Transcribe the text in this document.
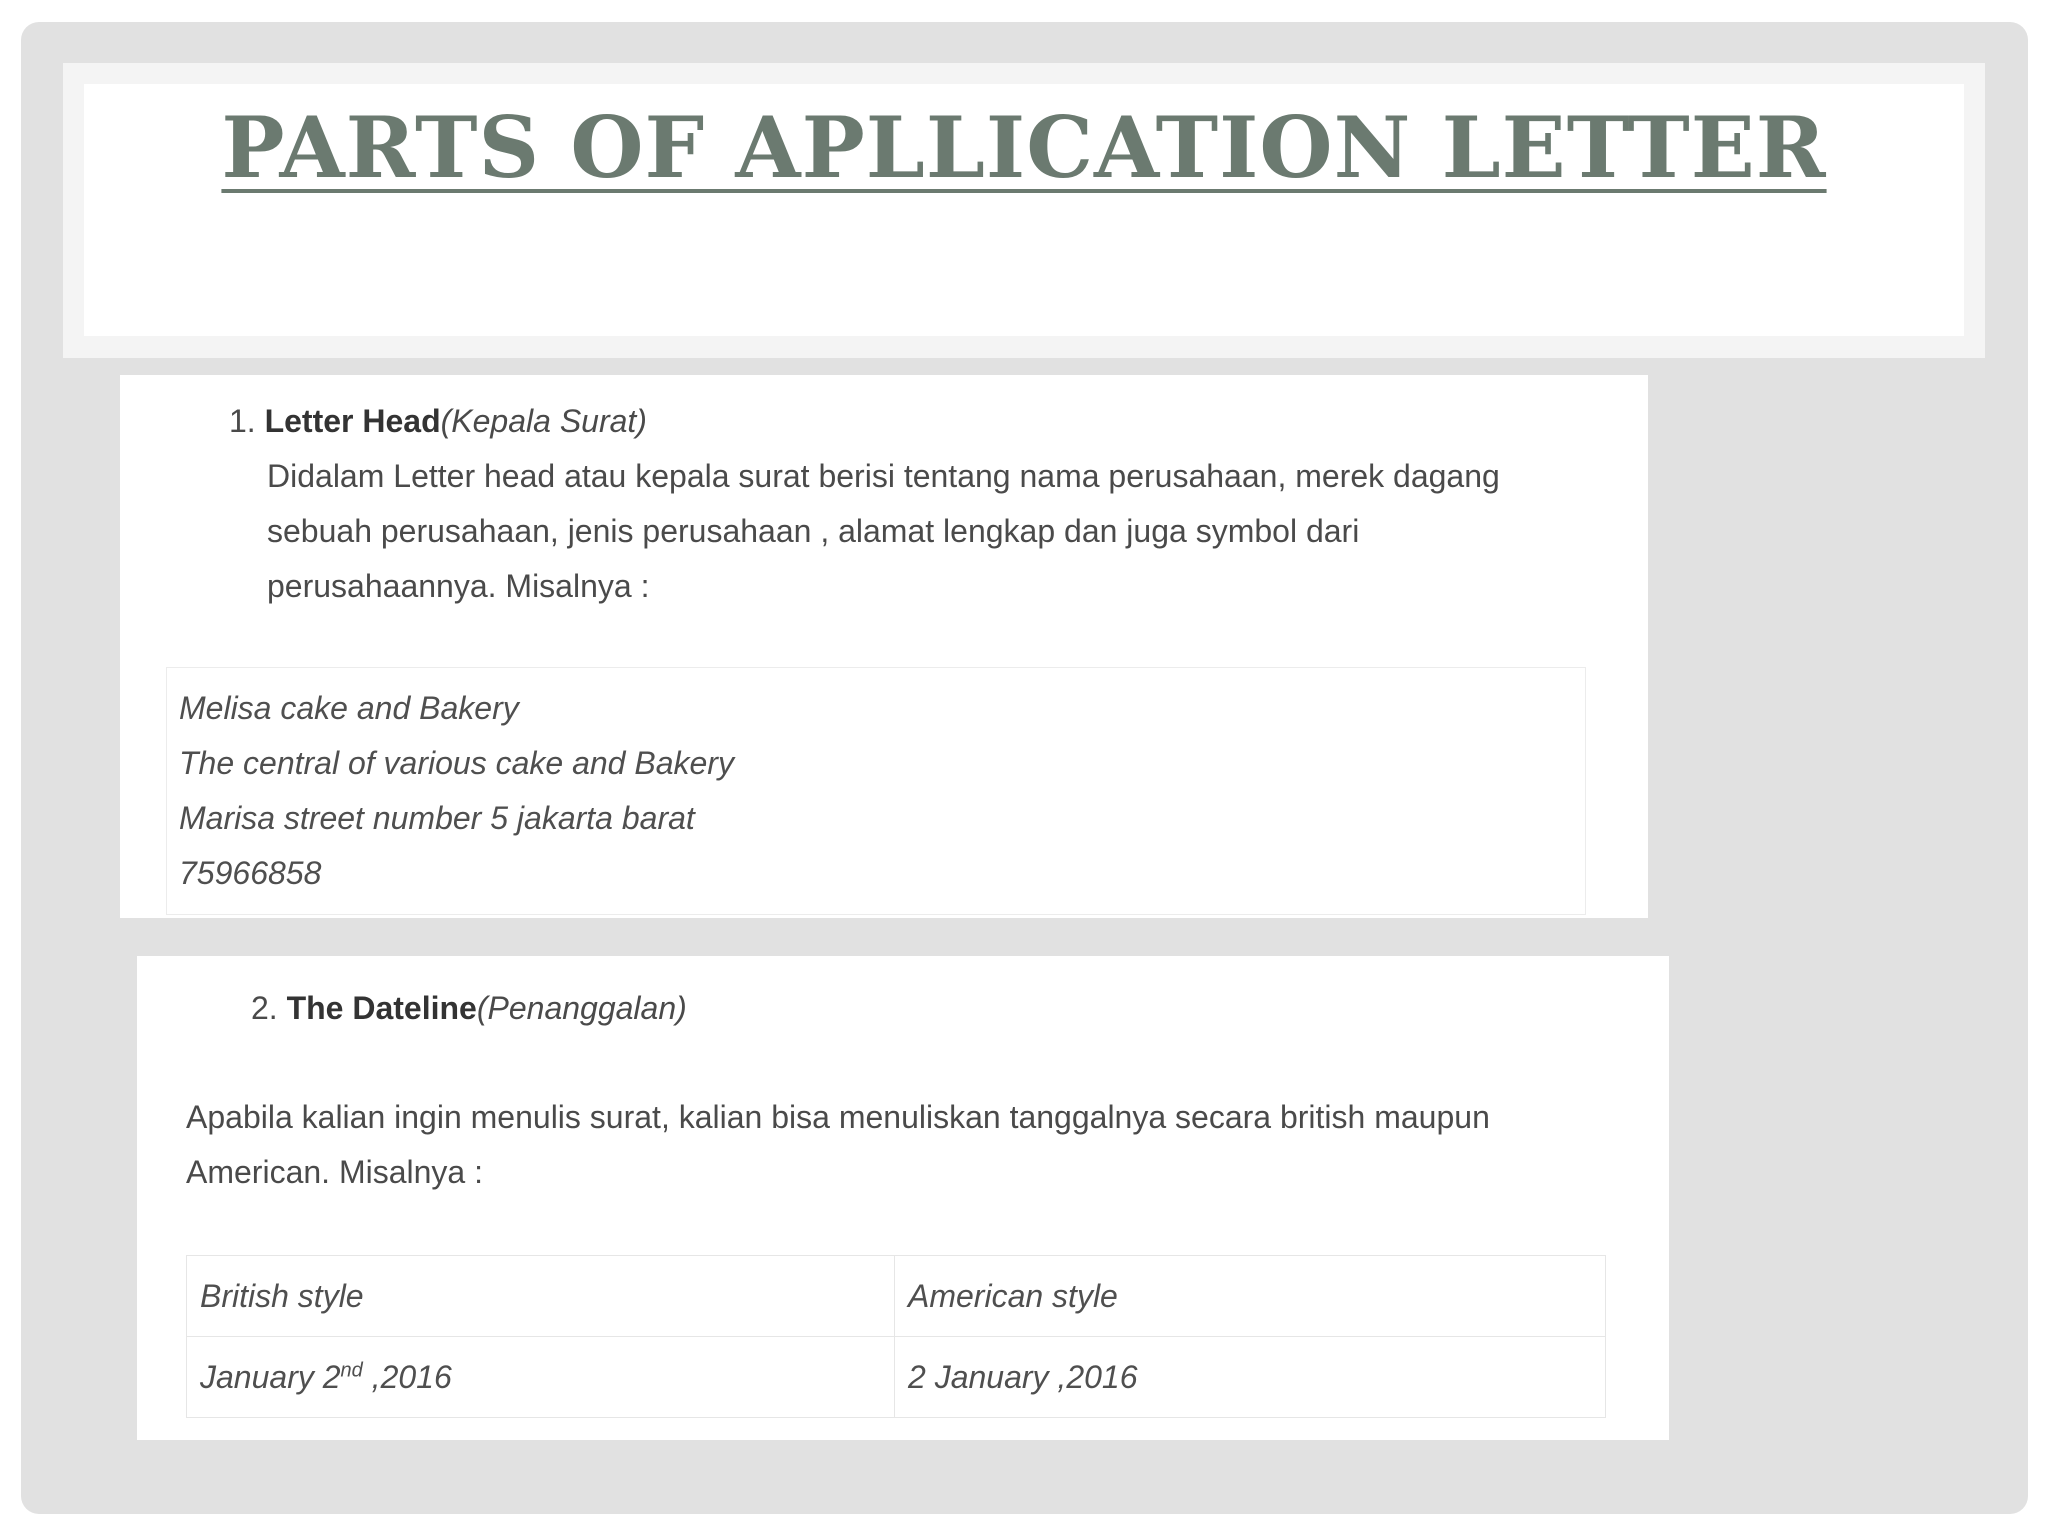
PARTS OF APLLICATION LETTER
1. Letter Head(Kepala Surat)
Didalam Letter head atau kepala surat berisi tentang nama perusahaan, merek dagang
sebuah perusahaan, jenis perusahaan , alamat lengkap dan juga symbol dari
perusahaannya. Misalnya :
Melisa cake and Bakery
The central of various cake and Bakery
Marisa street number 5 jakarta barat
75966858
2. The Dateline(Penanggalan)
Apabila kalian ingin menulis surat, kalian bisa menuliskan tanggalnya secara british maupun
American. Misalnya :
British style	American style
January 2nd ,2016	2 January ,2016
